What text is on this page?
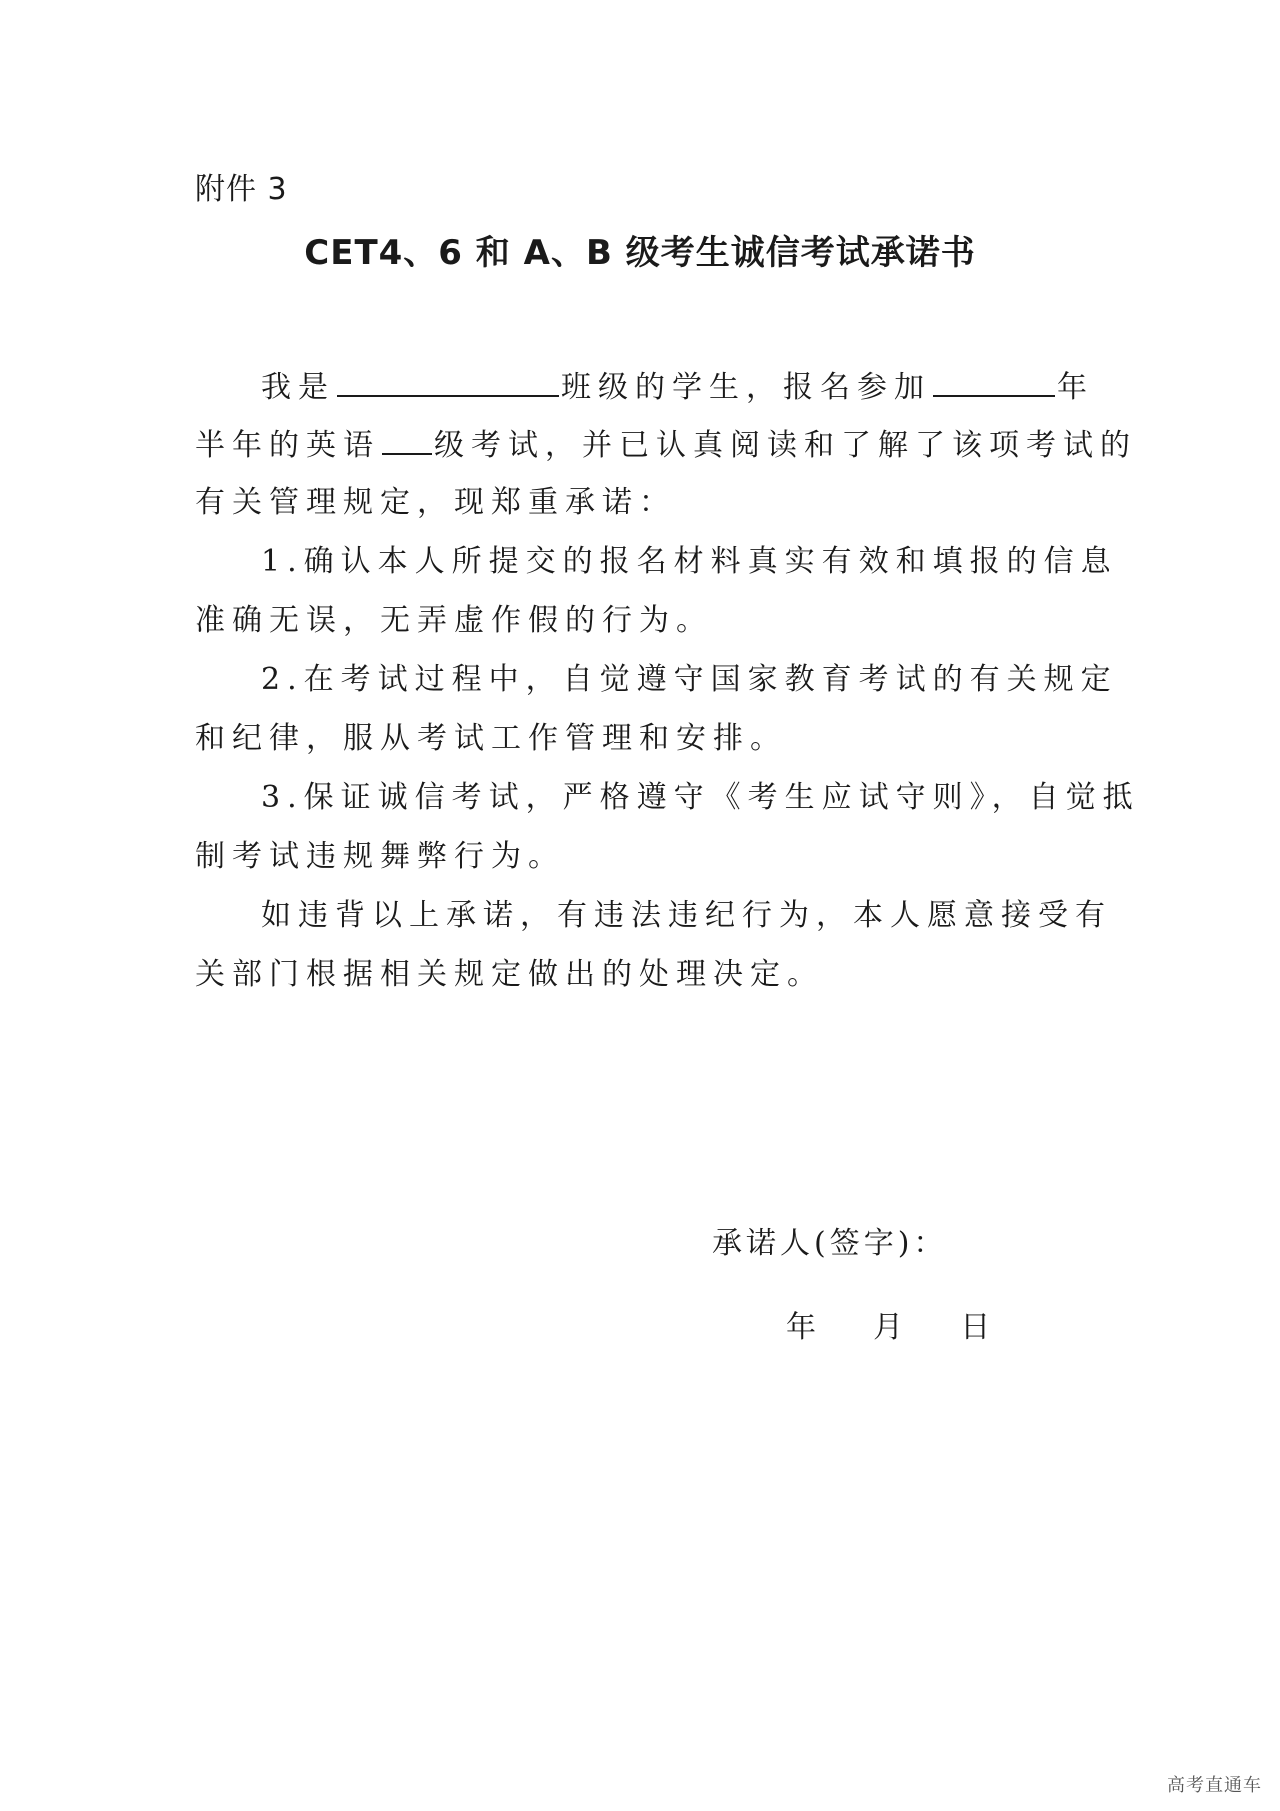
附件 3
CET4、6 和 A、B 级考生诚信考试承诺书
我是	班级的学生，报名参加	年
半年的英语 级考试，并已认真阅读和了解了该项考试的
有关管理规定，现郑重承诺：
1.确认本人所提交的报名材料真实有效和填报的信息
准确无误，无弄虚作假的行为。
2.在考试过程中，自觉遵守国家教育考试的有关规定
和纪律，服从考试工作管理和安排。
3.保证诚信考试，严格遵守《考生应试守则》，自觉抵
制考试违规舞弊行为。
如违背以上承诺，有违法违纪行为，本人愿意接受有
关部门根据相关规定做出的处理决定。
承诺人(签字)：
年 月 日
高考直通车
